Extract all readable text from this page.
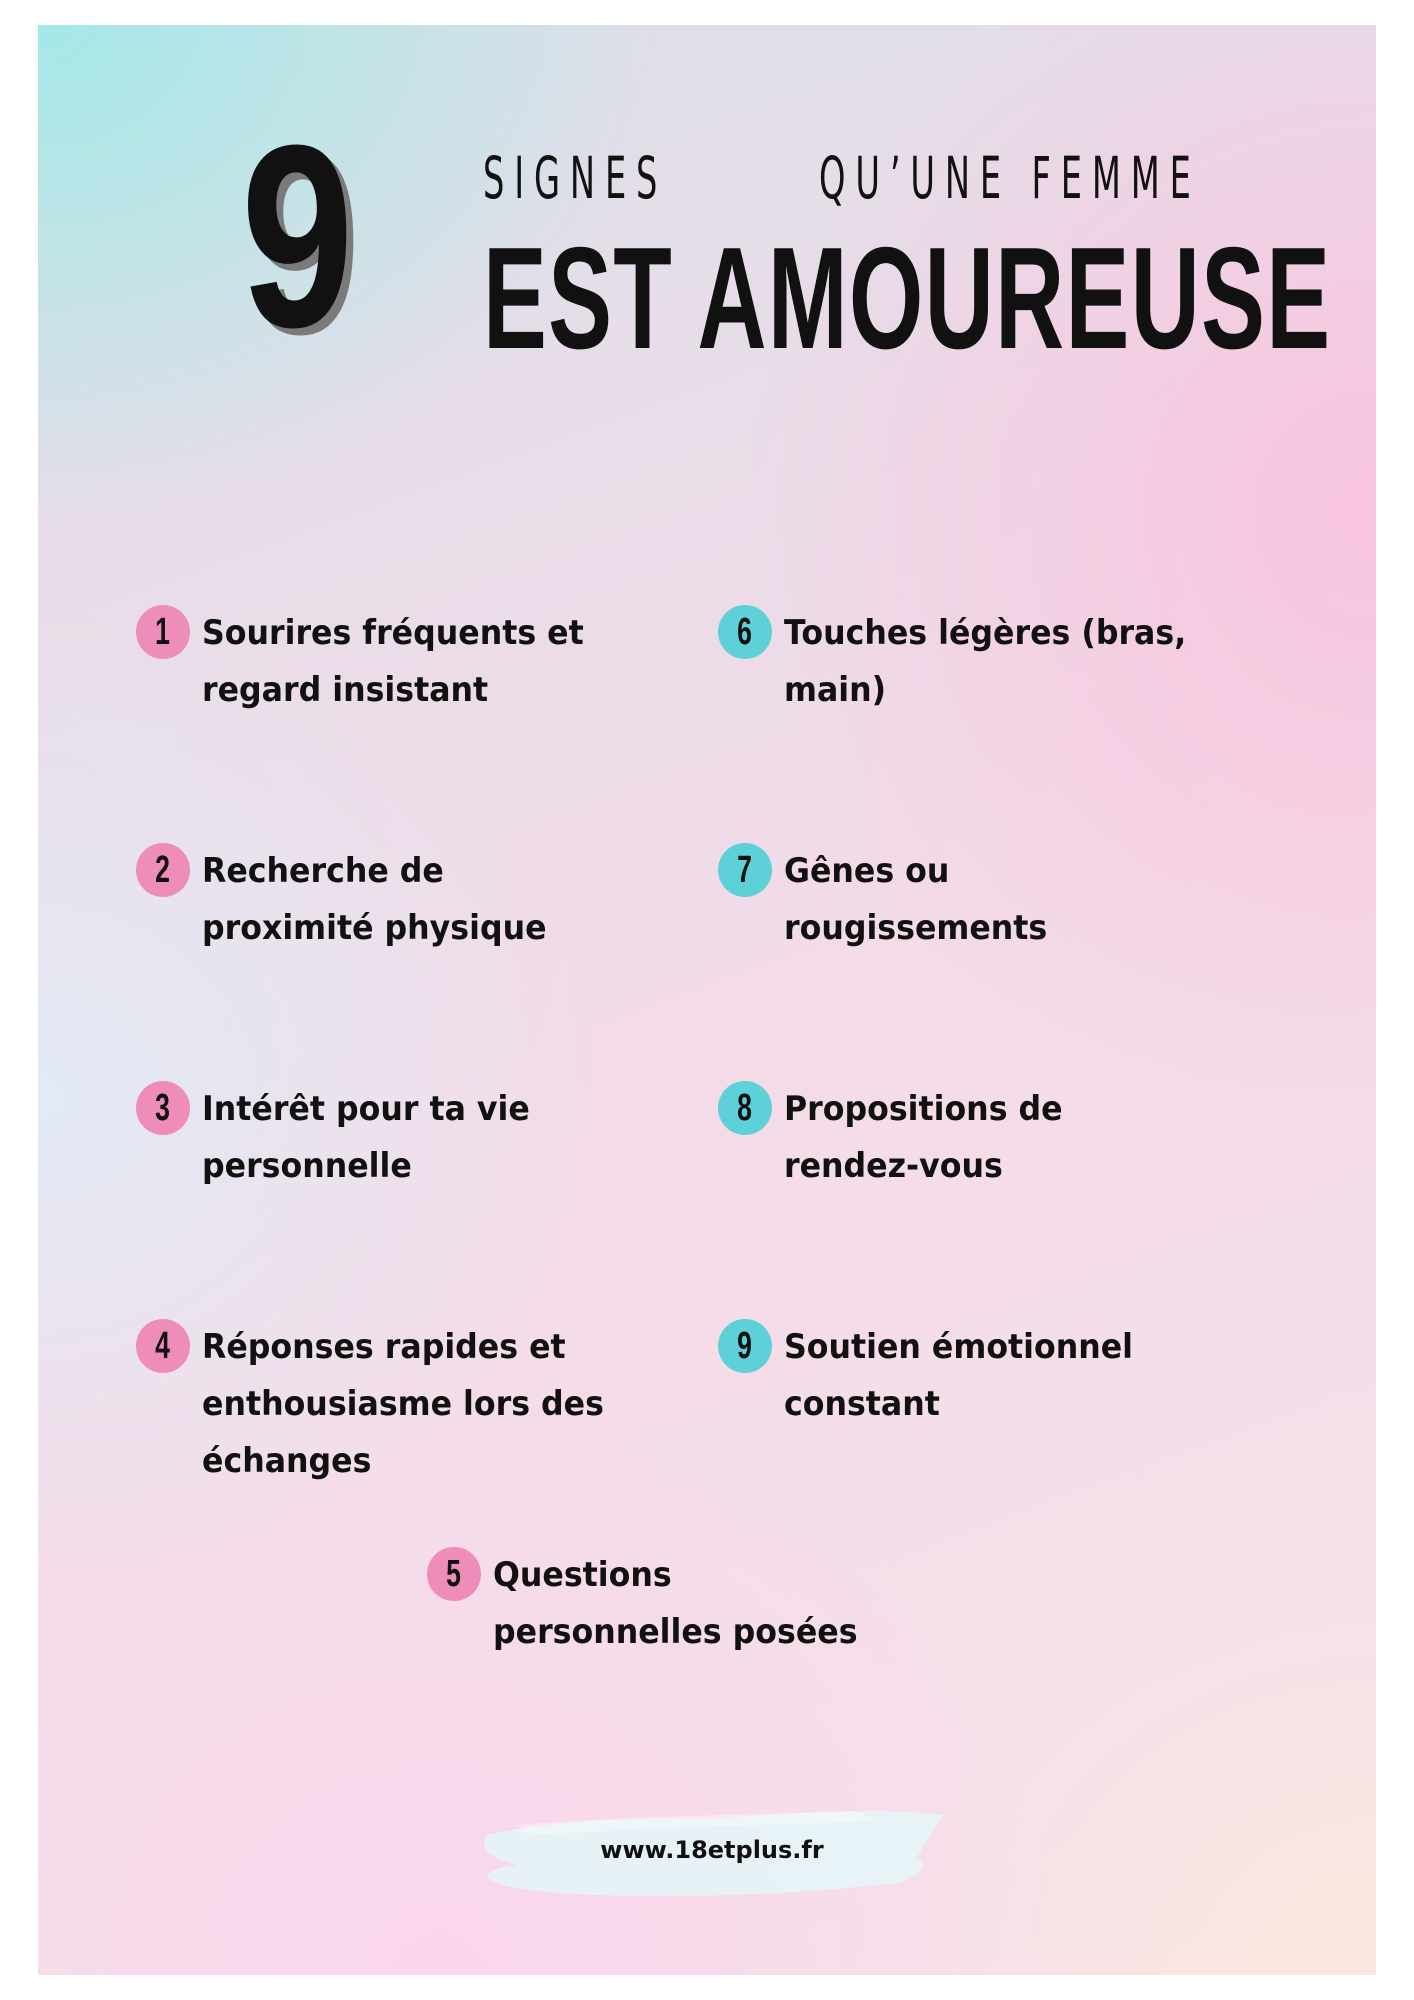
9 SIGNES	QU’UNE FEMME
EST AMOUREUSE
1 Sourires fréquents et regard insistant

2 Recherche de proximité physique

3 Intérêt pour ta vie personnelle

4 Réponses rapides et enthousiasme lors des échanges

5 Questions personnelles posées

6 Touches légères (bras, main)

7 Gênes ou rougissements

8 Propositions de rendez-vous

9 Soutien émotionnel constant

www.18etplus.fr
